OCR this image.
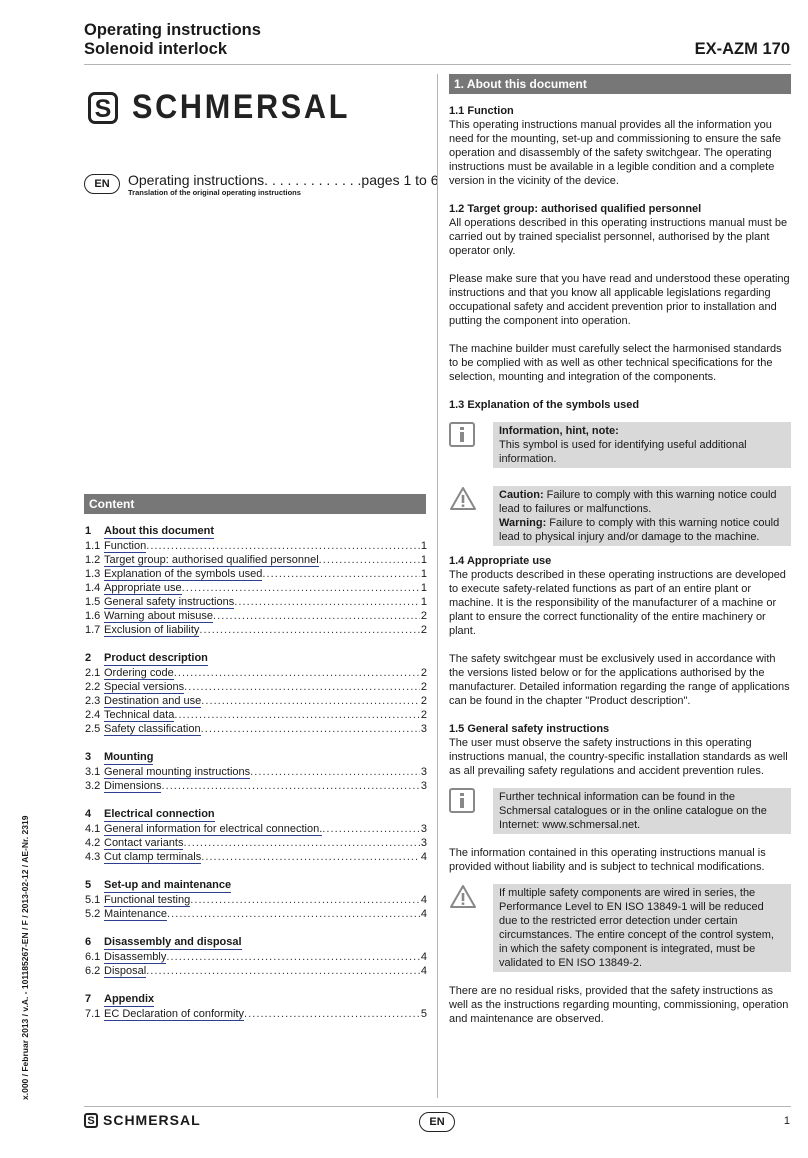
Operating instructions
Solenoid interlock	EX-AZM 170
S SCHMERSAL
EN	Operating instructions. . . . . . . . . . . . .pages 1 to 6
Translation of the original operating instructions
Content
1	About this document
1.1 Function . . .	1
1.2 Target group: authorised qualified personnel . . .	1
1.3 Explanation of the symbols used . . .	1
1.4 Appropriate use . . .	1
1.5 General safety instructions . . .	1
1.6 Warning about misuse . . .	2
1.7 Exclusion of liability . . .	2
2	Product description
2.1 Ordering code . . .	2
2.2 Special versions . . .	2
2.3 Destination and use . . .	2
2.4 Technical data . . .	2
2.5 Safety classification . . .	3
3	Mounting
3.1 General mounting instructions . . .	3
3.2 Dimensions . . .	3
4	Electrical connection
4.1 General information for electrical connection. . . .	3
4.2 Contact variants . . .	3
4.3 Cut clamp terminals . . .	4
5	Set-up and maintenance
5.1 Functional testing . . .	4
5.2 Maintenance . . .	4
6	Disassembly and disposal
6.1 Disassembly . . .	4
6.2 Disposal . . .	4
7	Appendix
7.1 EC Declaration of conformity . . .	5
1. About this document
1.1 Function

This operating instructions manual provides all the information you need for the mounting, set-up and commissioning to ensure the safe operation and disassembly of the safety switchgear. The operating instructions must be available in a legible condition and a complete version in the vicinity of the device.

1.2 Target group: authorised qualified personnel

All operations described in this operating instructions manual must be carried out by trained specialist personnel, authorised by the plant operator only.

Please make sure that you have read and understood these operating instructions and that you know all applicable legislations regarding occupational safety and accident prevention prior to installation and putting the component into operation.

The machine builder must carefully select the harmonised standards to be complied with as well as other technical specifications for the selection, mounting and integration of the components.

1.3 Explanation of the symbols used
Information, hint, note:
This symbol is used for identifying useful additional information.
Caution: Failure to comply with this warning notice could lead to failures or malfunctions.
Warning: Failure to comply with this warning notice could lead to physical injury and/or damage to the machine.
1.4 Appropriate use

The products described in these operating instructions are developed to execute safety-related functions as part of an entire plant or machine. It is the responsibility of the manufacturer of a machine or plant to ensure the correct functionality of the entire machinery or plant.

The safety switchgear must be exclusively used in accordance with the versions listed below or for the applications authorised by the manufacturer. Detailed information regarding the range of applications can be found in the chapter "Product description".

1.5 General safety instructions

The user must observe the safety instructions in this operating instructions manual, the country-specific installation standards as well as all prevailing safety regulations and accident prevention rules.

Further technical information can be found in the Schmersal catalogues or in the online catalogue on the Internet: www.schmersal.net.

The information contained in this operating instructions manual is provided without liability and is subject to technical modifications.

If multiple safety components are wired in series, the Performance Level to EN ISO 13849-1 will be reduced due to the restricted error detection under certain circumstances. The entire concept of the control system, in which the safety component is integrated, must be validated to EN ISO 13849-2.

There are no residual risks, provided that the safety instructions as well as the instructions regarding mounting, commissioning, operation and maintenance are observed.

x.000 / Februar 2013 / v.A. - 101185267-EN / F / 2013-02-12 / AE-Nr. 2319
S SCHMERSAL	EN	1
